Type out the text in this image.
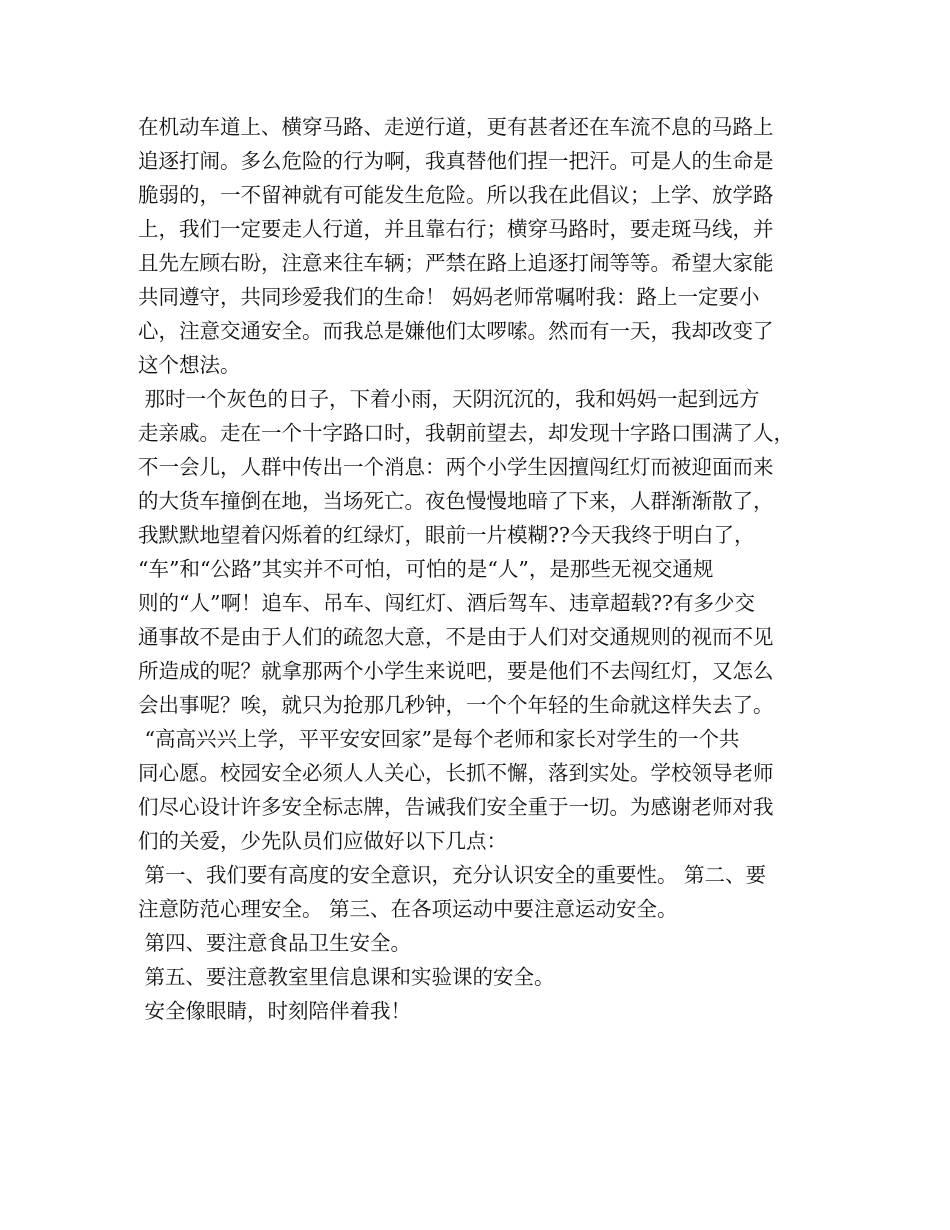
在机动车道上、横穿马路、走逆行道，更有甚者还在车流不息的马路上
追逐打闹。多么危险的行为啊，我真替他们捏一把汗。可是人的生命是
脆弱的，一不留神就有可能发生危险。所以我在此倡议；上学、放学路
上，我们一定要走人行道，并且靠右行；横穿马路时，要走斑马线，并
且先左顾右盼，注意来往车辆；严禁在路上追逐打闹等等。希望大家能
共同遵守，共同珍爱我们的生命！ 妈妈老师常嘱咐我：路上一定要小
心，注意交通安全。而我总是嫌他们太啰嗦。然而有一天，我却改变了
这个想法。
那时一个灰色的日子，下着小雨，天阴沉沉的，我和妈妈一起到远方
走亲戚。走在一个十字路口时，我朝前望去，却发现十字路口围满了人，
不一会儿，人群中传出一个消息：两个小学生因擅闯红灯而被迎面而来
的大货车撞倒在地，当场死亡。夜色慢慢地暗了下来，人群渐渐散了，
我默默地望着闪烁着的红绿灯，眼前一片模糊??今天我终于明白了，
“车”和“公路”其实并不可怕，可怕的是“人”，是那些无视交通规
则的“人”啊！追车、吊车、闯红灯、酒后驾车、违章超载??有多少交
通事故不是由于人们的疏忽大意，不是由于人们对交通规则的视而不见
所造成的呢？就拿那两个小学生来说吧，要是他们不去闯红灯，又怎么
会出事呢？唉，就只为抢那几秒钟，一个个年轻的生命就这样失去了。
“高高兴兴上学，平平安安回家”是每个老师和家长对学生的一个共
同心愿。校园安全必须人人关心，长抓不懈，落到实处。学校领导老师
们尽心设计许多安全标志牌，告诫我们安全重于一切。为感谢老师对我
们的关爱，少先队员们应做好以下几点：
第一、我们要有高度的安全意识，充分认识安全的重要性。 第二、要
注意防范心理安全。 第三、在各项运动中要注意运动安全。
第四、要注意食品卫生安全。
第五、要注意教室里信息课和实验课的安全。
安全像眼睛，时刻陪伴着我！
